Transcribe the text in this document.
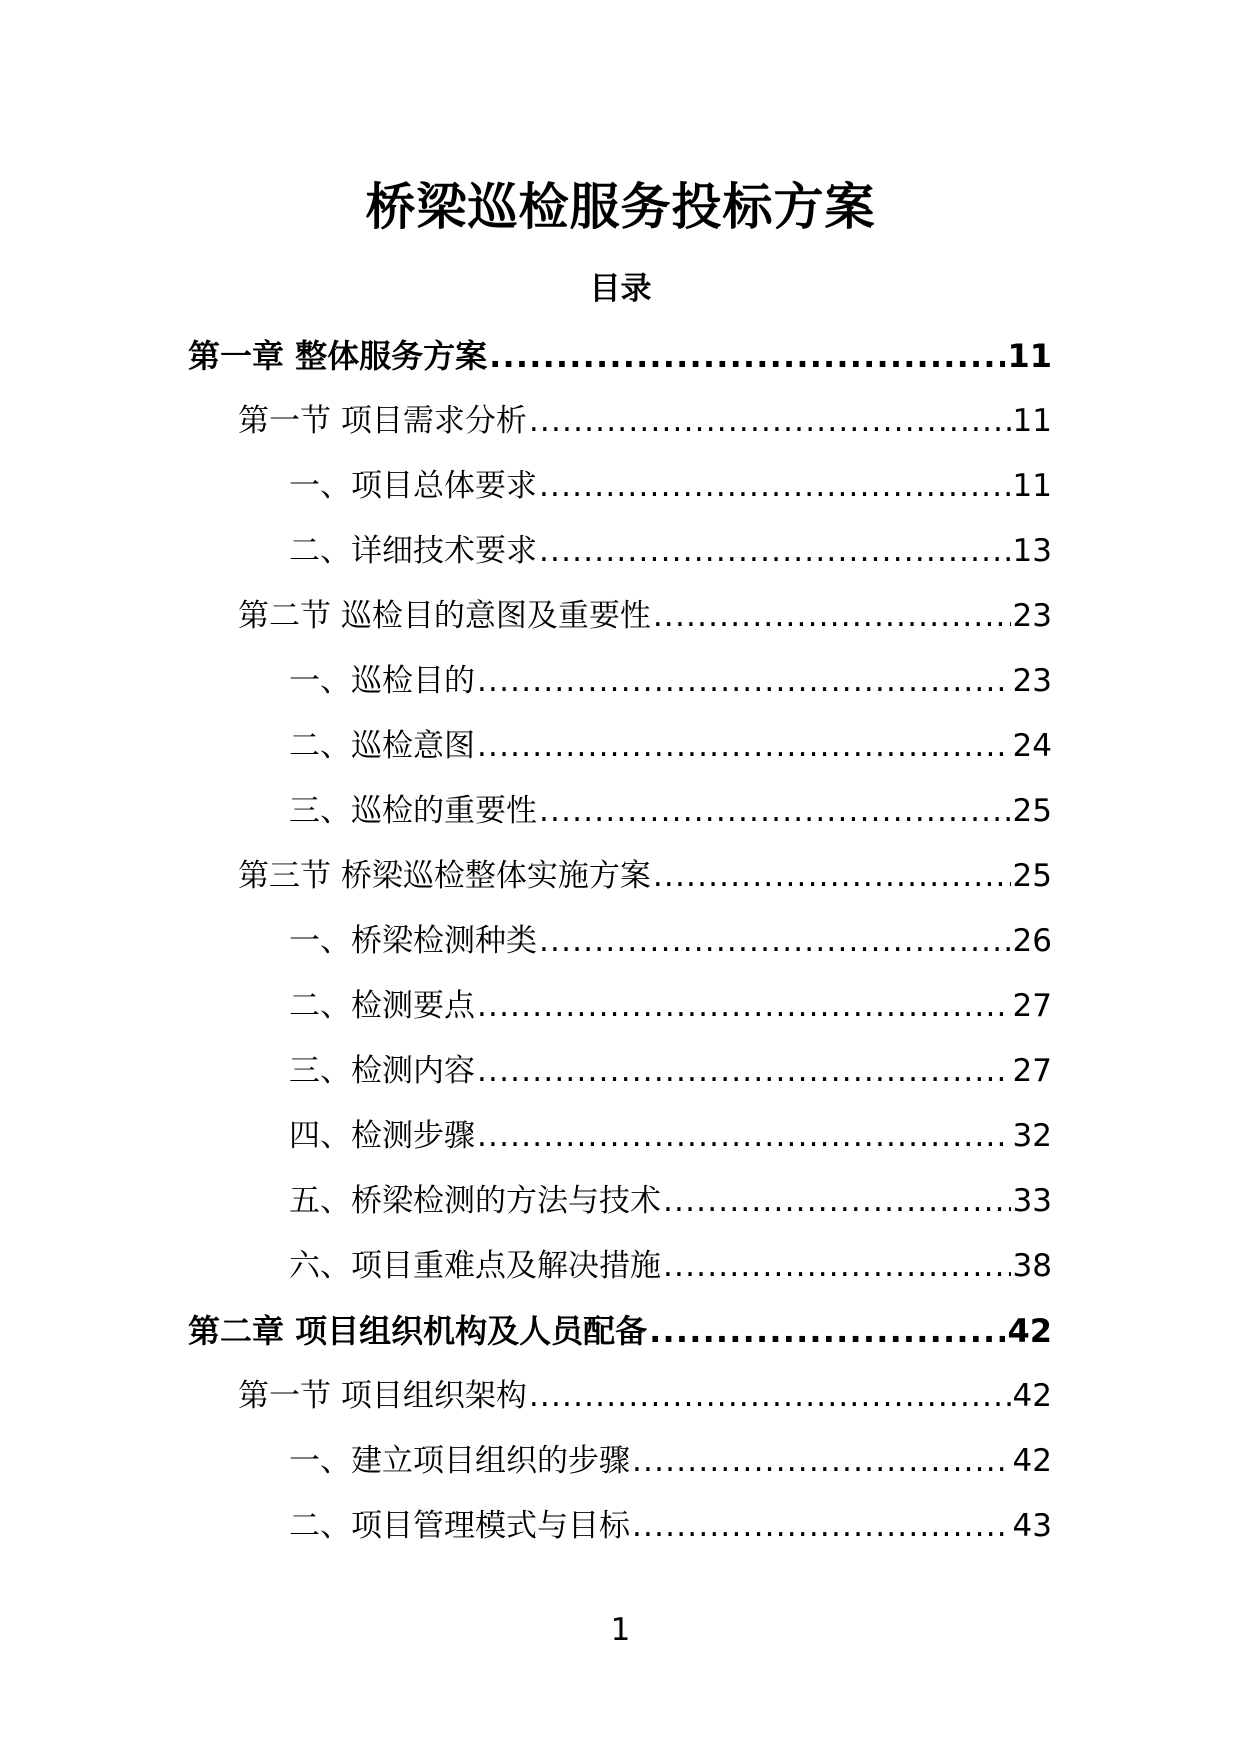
桥梁巡检服务投标方案
目录
第一章 整体服务方案 .....	11
第一节 项目需求分析 .....	11
一、项目总体要求 .....	11
二、详细技术要求 .....	13
第二节 巡检目的意图及重要性 .....	23
一、巡检目的 .....	23
二、巡检意图 .....	24
三、巡检的重要性 .....	25
第三节 桥梁巡检整体实施方案 .....	25
一、桥梁检测种类 .....	26
二、检测要点 .....	27
三、检测内容 .....	27
四、检测步骤 .....	32
五、桥梁检测的方法与技术 .....	33
六、项目重难点及解决措施 .....	38
第二章 项目组织机构及人员配备 .....	42
第一节 项目组织架构 .....	42
一、建立项目组织的步骤 .....	42
二、项目管理模式与目标 .....	43
1
